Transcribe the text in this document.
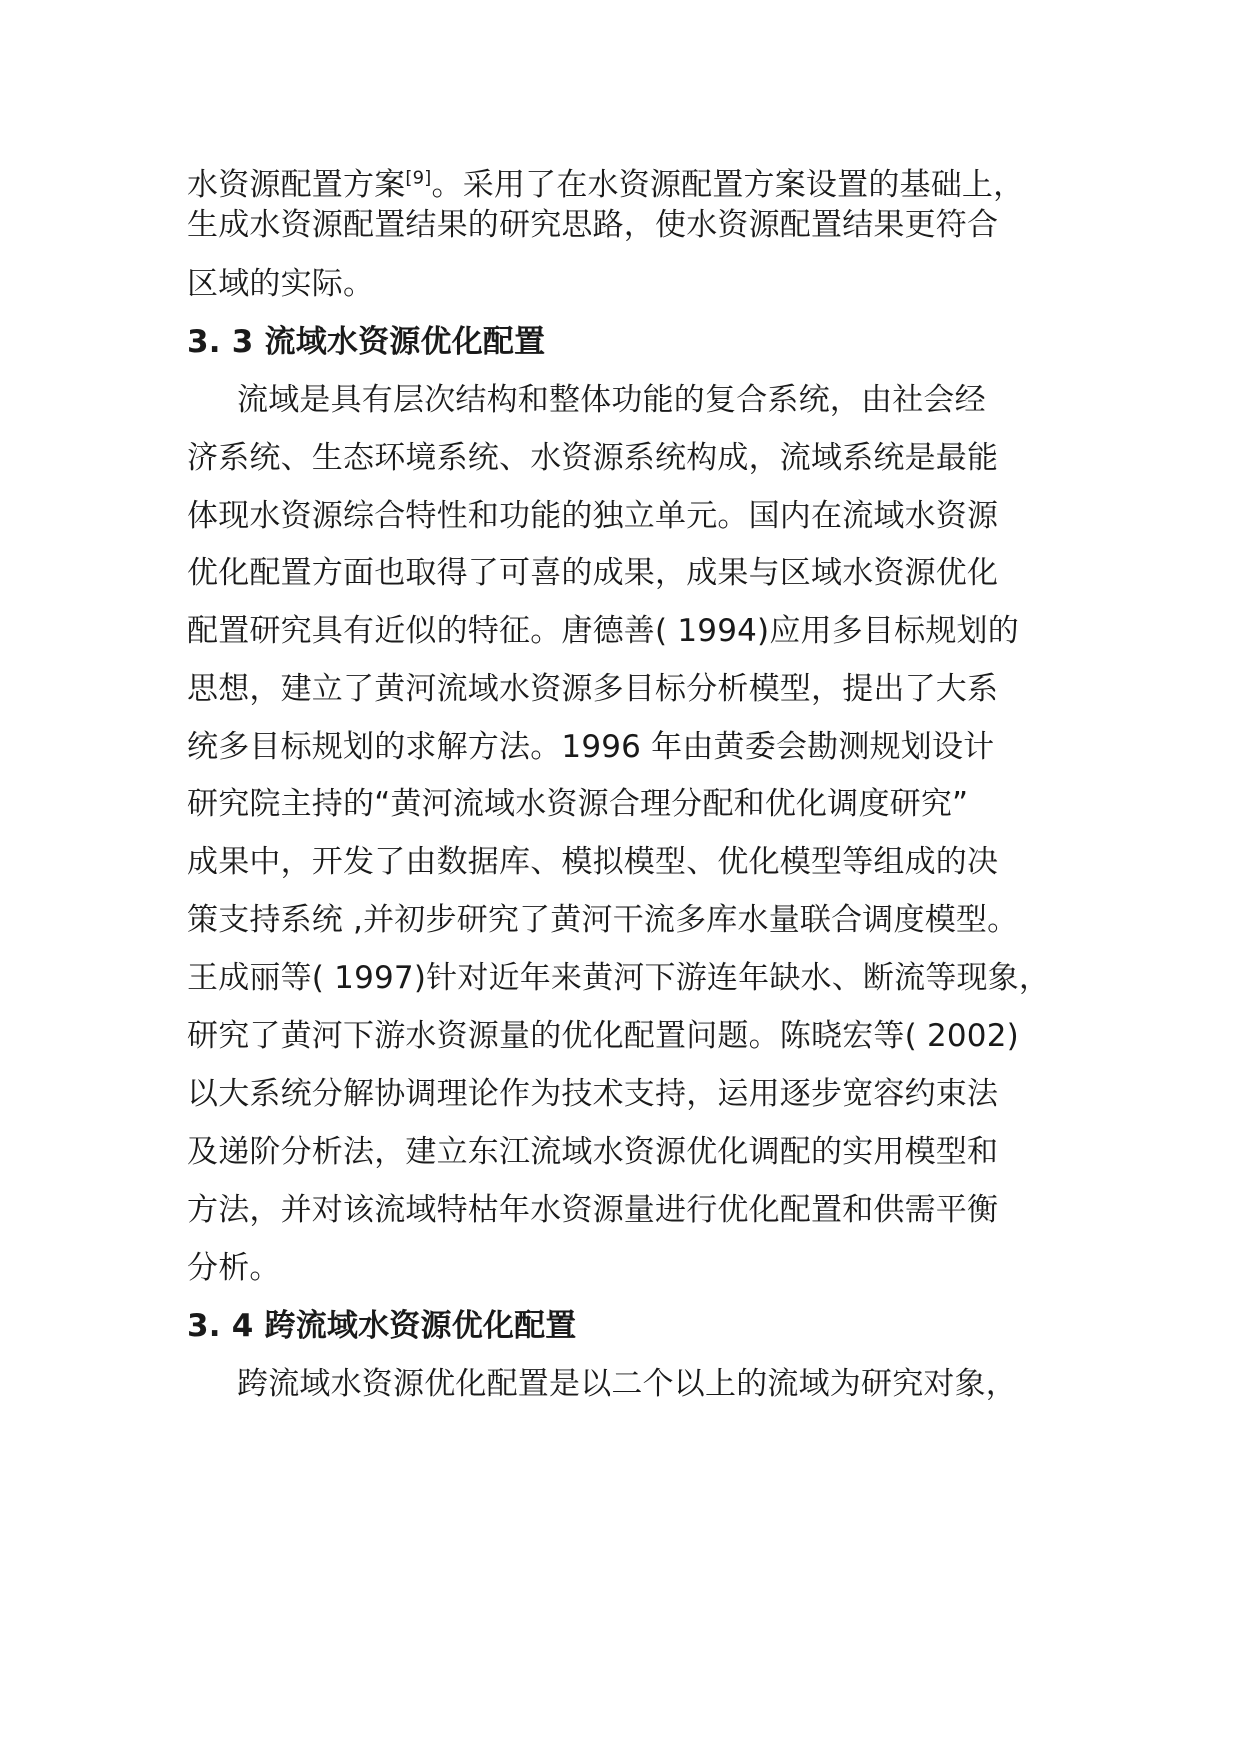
水资源配置方案[9]。采用了在水资源配置方案设置的基础上，
生成水资源配置结果的研究思路，使水资源配置结果更符合
区域的实际。
3. 3 流域水资源优化配置
流域是具有层次结构和整体功能的复合系统，由社会经
济系统、生态环境系统、水资源系统构成，流域系统是最能
体现水资源综合特性和功能的独立单元。国内在流域水资源
优化配置方面也取得了可喜的成果，成果与区域水资源优化
配置研究具有近似的特征。唐德善( 1994)应用多目标规划的
思想，建立了黄河流域水资源多目标分析模型，提出了大系
统多目标规划的求解方法。1996 年由黄委会勘测规划设计
研究院主持的“黄河流域水资源合理分配和优化调度研究”
成果中，开发了由数据库、模拟模型、优化模型等组成的决
策支持系统 ,并初步研究了黄河干流多库水量联合调度模型。
王成丽等( 1997)针对近年来黄河下游连年缺水、断流等现象，
研究了黄河下游水资源量的优化配置问题。陈晓宏等( 2002)
以大系统分解协调理论作为技术支持，运用逐步宽容约束法
及递阶分析法，建立东江流域水资源优化调配的实用模型和
方法，并对该流域特枯年水资源量进行优化配置和供需平衡
分析。
3. 4 跨流域水资源优化配置
跨流域水资源优化配置是以二个以上的流域为研究对象，
